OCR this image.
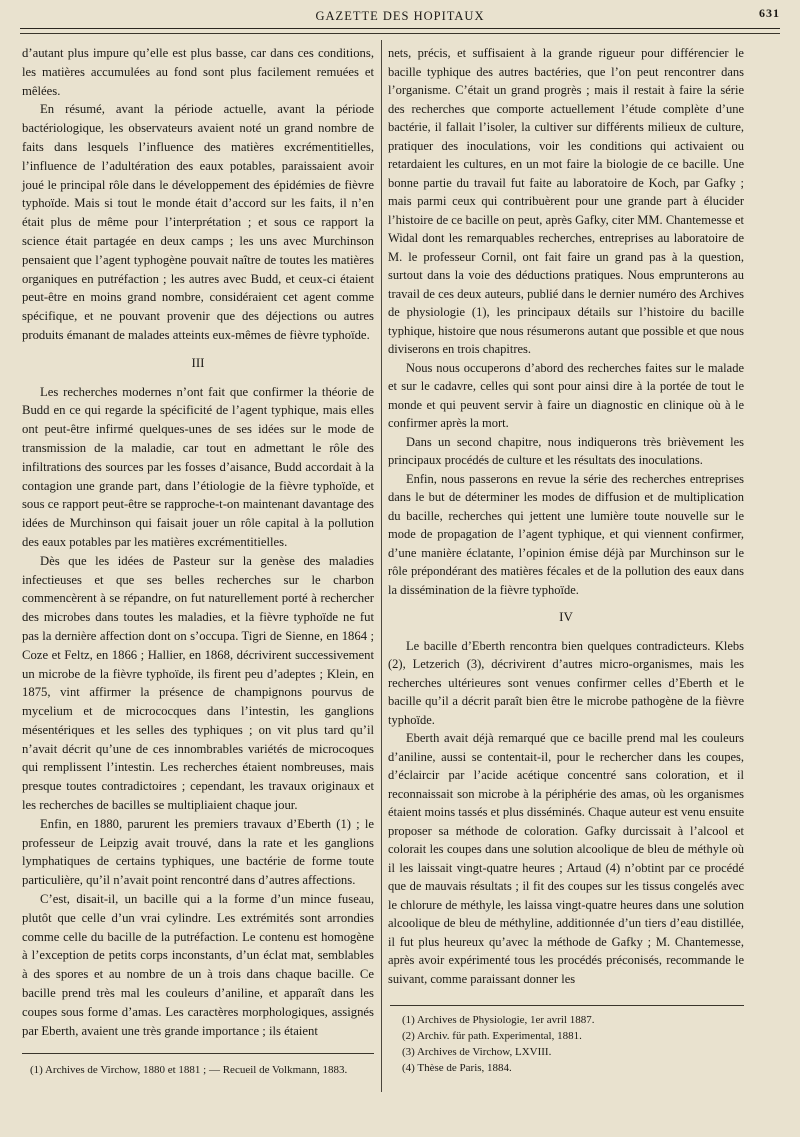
GAZETTE DES HOPITAUX	631

d’autant plus impure qu’elle est plus basse, car dans ces conditions, les matières accumulées au fond sont plus facilement remuées et mêlées.

En résumé, avant la période actuelle, avant la période bactériologique, les observateurs avaient noté un grand nombre de faits dans lesquels l’influence des matières excrémentitielles, l’influence de l’adultération des eaux potables, paraissaient avoir joué le principal rôle dans le développement des épidémies de fièvre typhoïde. Mais si tout le monde était d’accord sur les faits, il n’en était plus de même pour l’interprétation ; et sous ce rapport la science était partagée en deux camps ; les uns avec Murchinson pensaient que l’agent typhogène pouvait naître de toutes les matières organiques en putréfaction ; les autres avec Budd, et ceux-ci étaient peut-être en moins grand nombre, considéraient cet agent comme spécifique, et ne pouvant provenir que des déjections ou autres produits émanant de malades atteints eux-mêmes de fièvre typhoïde.

III

Les recherches modernes n’ont fait que confirmer la théorie de Budd en ce qui regarde la spécificité de l’agent typhique, mais elles ont peut-être infirmé quelques-unes de ses idées sur le mode de transmission de la maladie, car tout en admettant le rôle des infiltrations des sources par les fosses d’aisance, Budd accordait à la contagion une grande part, dans l’étiologie de la fièvre typhoïde, et sous ce rapport peut-être se rapproche-t-on maintenant davantage des idées de Murchinson qui faisait jouer un rôle capital à la pollution des eaux potables par les matières excrémentitielles.

Dès que les idées de Pasteur sur la genèse des maladies infectieuses et que ses belles recherches sur le charbon commencèrent à se répandre, on fut naturellement porté à rechercher des microbes dans toutes les maladies, et la fièvre typhoïde ne fut pas la dernière affection dont on s’occupa. Tigri de Sienne, en 1864 ; Coze et Feltz, en 1866 ; Hallier, en 1868, décrivirent successivement un microbe de la fièvre typhoïde, ils firent peu d’adeptes ; Klein, en 1875, vint affirmer la présence de champignons pourvus de mycelium et de micrococques dans l’intestin, les ganglions mésentériques et les selles des typhiques ; on vit plus tard qu’il n’avait décrit qu’une de ces innombrables variétés de microcoques qui remplissent l’intestin. Les recherches étaient nombreuses, mais presque toutes contradictoires ; cependant, les travaux originaux et les recherches de bacilles se multipliaient chaque jour.

Enfin, en 1880, parurent les premiers travaux d’Eberth (1) ; le professeur de Leipzig avait trouvé, dans la rate et les ganglions lymphatiques de certains typhiques, une bactérie de forme toute particulière, qu’il n’avait point rencontré dans d’autres affections.

C’est, disait-il, un bacille qui a la forme d’un mince fuseau, plutôt que celle d’un vrai cylindre. Les extrémités sont arrondies comme celle du bacille de la putréfaction. Le contenu est homogène à l’exception de petits corps inconstants, d’un éclat mat, semblables à des spores et au nombre de un à trois dans chaque bacille. Ce bacille prend très mal les couleurs d’aniline, et apparaît dans les coupes sous forme d’amas. Les caractères morphologiques, assignés par Eberth, avaient une très grande importance ; ils étaient

(1) Archives de Virchow, 1880 et 1881 ; — Recueil de Volkmann, 1883.

nets, précis, et suffisaient à la grande rigueur pour différencier le bacille typhique des autres bactéries, que l’on peut rencontrer dans l’organisme. C’était un grand progrès ; mais il restait à faire la série des recherches que comporte actuellement l’étude complète d’une bactérie, il fallait l’isoler, la cultiver sur différents milieux de culture, pratiquer des inoculations, voir les conditions qui activaient ou retardaient les cultures, en un mot faire la biologie de ce bacille. Une bonne partie du travail fut faite au laboratoire de Koch, par Gafky ; mais parmi ceux qui contribuèrent pour une grande part à élucider l’histoire de ce bacille on peut, après Gafky, citer MM. Chantemesse et Widal dont les remarquables recherches, entreprises au laboratoire de M. le professeur Cornil, ont fait faire un grand pas à la question, surtout dans la voie des déductions pratiques. Nous emprunterons au travail de ces deux auteurs, publié dans le dernier numéro des Archives de physiologie (1), les principaux détails sur l’histoire du bacille typhique, histoire que nous résumerons autant que possible et que nous diviserons en trois chapitres.

Nous nous occuperons d’abord des recherches faites sur le malade et sur le cadavre, celles qui sont pour ainsi dire à la portée de tout le monde et qui peuvent servir à faire un diagnostic en clinique où à le confirmer après la mort.

Dans un second chapitre, nous indiquerons très brièvement les principaux procédés de culture et les résultats des inoculations.

Enfin, nous passerons en revue la série des recherches entreprises dans le but de déterminer les modes de diffusion et de multiplication du bacille, recherches qui jettent une lumière toute nouvelle sur le mode de propagation de l’agent typhique, et qui viennent confirmer, d’une manière éclatante, l’opinion émise déjà par Murchinson sur le rôle prépondérant des matières fécales et de la pollution des eaux dans la dissémination de la fièvre typhoïde.

IV

Le bacille d’Eberth rencontra bien quelques contradicteurs. Klebs (2), Letzerich (3), décrivirent d’autres micro-organismes, mais les recherches ultérieures sont venues confirmer celles d’Eberth et le bacille qu’il a décrit paraît bien être le microbe pathogène de la fièvre typhoïde.

Eberth avait déjà remarqué que ce bacille prend mal les couleurs d’aniline, aussi se contentait-il, pour le rechercher dans les coupes, d’éclaircir par l’acide acétique concentré sans coloration, et il reconnaissait son microbe à la périphérie des amas, où les organismes étaient moins tassés et plus disséminés. Chaque auteur est venu ensuite proposer sa méthode de coloration. Gafky durcissait à l’alcool et colorait les coupes dans une solution alcoolique de bleu de méthyle où il les laissait vingt-quatre heures ; Artaud (4) n’obtint par ce procédé que de mauvais résultats ; il fit des coupes sur les tissus congelés avec le chlorure de méthyle, les laissa vingt-quatre heures dans une solution alcoolique de bleu de méthyline, additionnée d’un tiers d’eau distillée, il fut plus heureux qu’avec la méthode de Gafky ; M. Chantemesse, après avoir expérimenté tous les procédés préconisés, recommande le suivant, comme paraissant donner les

(1) Archives de Physiologie, 1er avril 1887.
(2) Archiv. für path. Experimental, 1881.
(3) Archives de Virchow, LXVIII.
(4) Thèse de Paris, 1884.
